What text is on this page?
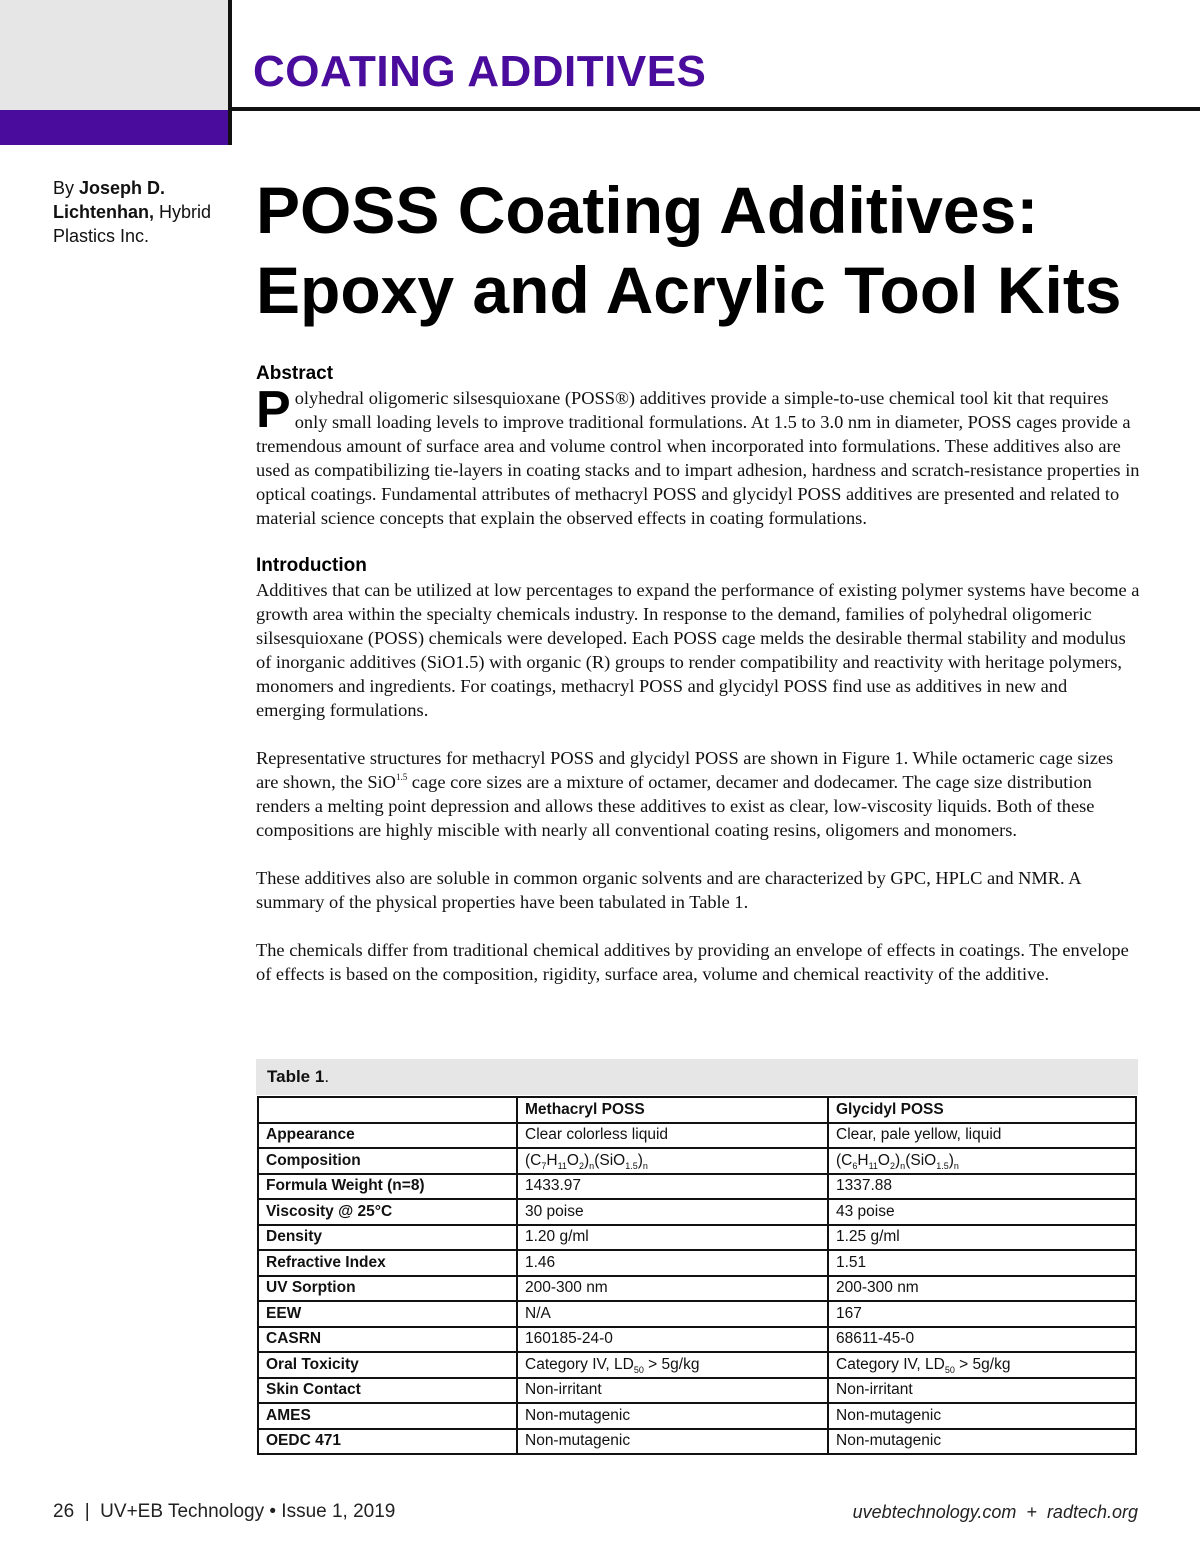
COATING ADDITIVES
By Joseph D. Lichtenhan, Hybrid Plastics Inc.	POSS Coating Additives:
Epoxy and Acrylic Tool Kits
Abstract

Polyhedral oligomeric silsesquioxane (POSS®) additives provide a simple-to-use chemical tool kit that requires only small loading levels to improve traditional formulations. At 1.5 to 3.0 nm in diameter, POSS cages provide a tremendous amount of surface area and volume control when incorporated into formulations. These additives also are used as compatibilizing tie-layers in coating stacks and to impart adhesion, hardness and scratch-resistance properties in optical coatings. Fundamental attributes of methacryl POSS and glycidyl POSS additives are presented and related to material science concepts that explain the observed effects in coating formulations.

Introduction

Additives that can be utilized at low percentages to expand the performance of existing polymer systems have become a growth area within the specialty chemicals industry. In response to the demand, families of polyhedral oligomeric silsesquioxane (POSS) chemicals were developed. Each POSS cage melds the desirable thermal stability and modulus of inorganic additives (SiO1.5) with organic (R) groups to render compatibility and reactivity with heritage polymers, monomers and ingredients. For coatings, methacryl POSS and glycidyl POSS find use as additives in new and emerging formulations.

Representative structures for methacryl POSS and glycidyl POSS are shown in Figure 1. While octameric cage sizes are shown, the SiO$^{1.5}$ cage core sizes are a mixture of octamer, decamer and dodecamer. The cage size distribution renders a melting point depression and allows these additives to exist as clear, low-viscosity liquids. Both of these compositions are highly miscible with nearly all conventional coating resins, oligomers and monomers.

These additives also are soluble in common organic solvents and are characterized by GPC, HPLC and NMR. A summary of the physical properties have been tabulated in Table 1.

The chemicals differ from traditional chemical additives by providing an envelope of effects in coatings. The envelope of effects is based on the composition, rigidity, surface area, volume and chemical reactivity of the additive.

Table 1.
	Methacryl POSS	Glycidyl POSS
Appearance	Clear colorless liquid	Clear, pale yellow, liquid
Composition	$(C_7H_{11}O_2)_n(SiO_{1.5})_n$	$(C_6H_{11}O_2)_n(SiO_{1.5})_n$
Formula Weight (n=8)	1433.97	1337.88
Viscosity @ 25°C	30 poise	43 poise
Density	1.20 g/ml	1.25 g/ml
Refractive Index	1.46	1.51
UV Sorption	200-300 nm	200-300 nm
EEW	N/A	167
CASRN	160185-24-0	68611-45-0
Oral Toxicity	Category IV, $LD_{50} > 5g/kg$	Category IV, $LD_{50} > 5g/kg$
Skin Contact	Non-irritant	Non-irritant
AMES	Non-mutagenic	Non-mutagenic
OEDC 471	Non-mutagenic	Non-mutagenic
26  |  UV+EB Technology • Issue 1, 2019	uvebtechnology.com  +  radtech.org
